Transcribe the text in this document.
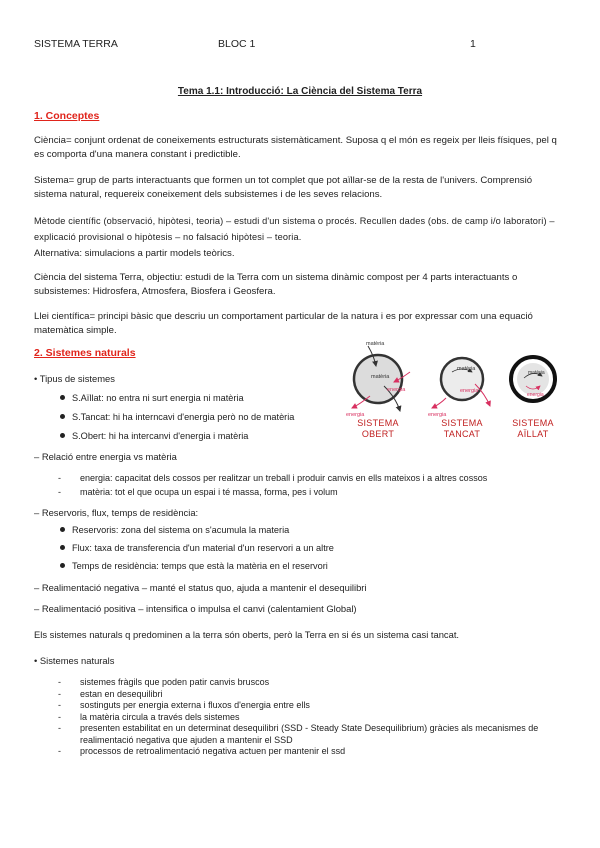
SISTEMA TERRA	BLOC 1	1
Tema 1.1: Introducció: La Ciència del Sistema Terra
1. Conceptes
Ciència= conjunt ordenat de coneixements estructurats sistemàticament. Suposa q el món es regeix per lleis físiques, pel q es comporta d'una manera constant i predictible.
Sistema= grup de parts interactuants que formen un tot complet que pot aïllar-se de la resta de l'univers. Comprensió sistema natural, requereix coneixement dels subsistemes i de les seves relacions.
Mètode científic (observació, hipòtesi, teoria) – estudi d'un sistema o procés. Recullen dades (obs. de camp i/o laboratori) – explicació provisional o hipòtesis – no falsació hipòtesi – teoria.
Alternativa: simulacions a partir models teòrics.
Ciència del sistema Terra, objectiu: estudi de la Terra com un sistema dinàmic compost per 4 parts interactuants o subsistemes: Hidrosfera, Atmosfera, Biosfera i Geosfera.
Llei científica= principi bàsic que descriu un comportament particular de la natura i es por expressar com una equació matemàtica simple.
2. Sistemes naturals
• Tipus de sistemes
S.Aïllat: no entra ni surt energia ni matèria
S.Tancat: hi ha interncavi d'energia però no de matèria
S.Obert: hi ha intercanvi d'energia i matèria
matèria
matèria
energia
energia
matèria
energia
energia
matèria
energia
SISTEMA OBERT
SISTEMA TANCAT
SISTEMA AÏLLAT
– Relació entre energia vs matèria
- energia: capacitat dels cossos per realitzar un treball i produir canvis en ells mateixos i a altres cossos
- matèria: tot el que ocupa un espai i té massa, forma, pes i volum
– Reservoris, flux, temps de residència:
Reservoris: zona del sistema on s'acumula la materia
Flux: taxa de transferencia d'un material d'un reservori a un altre
Temps de residència: temps que està la matèria en el reservori
– Realimentació negativa – manté el status quo, ajuda a mantenir el desequilibri
– Realimentació positiva – intensifica o impulsa el canvi (calentamient Global)
Els sistemes naturals q predominen a la terra són oberts, però la Terra en si és un sistema casi tancat.
• Sistemes naturals
- sistemes fràgils que poden patir canvis bruscos
- estan en desequilibri
- sostinguts per energia externa i fluxos d'energia entre ells
- la matèria circula a través dels sistemes
- presenten estabilitat en un determinat desequilibri (SSD - Steady State Desequilibrium) gràcies als mecanismes de realimentació negativa que ajuden a mantenir el SSD
- processos de retroalimentació negativa actuen per mantenir el ssd
